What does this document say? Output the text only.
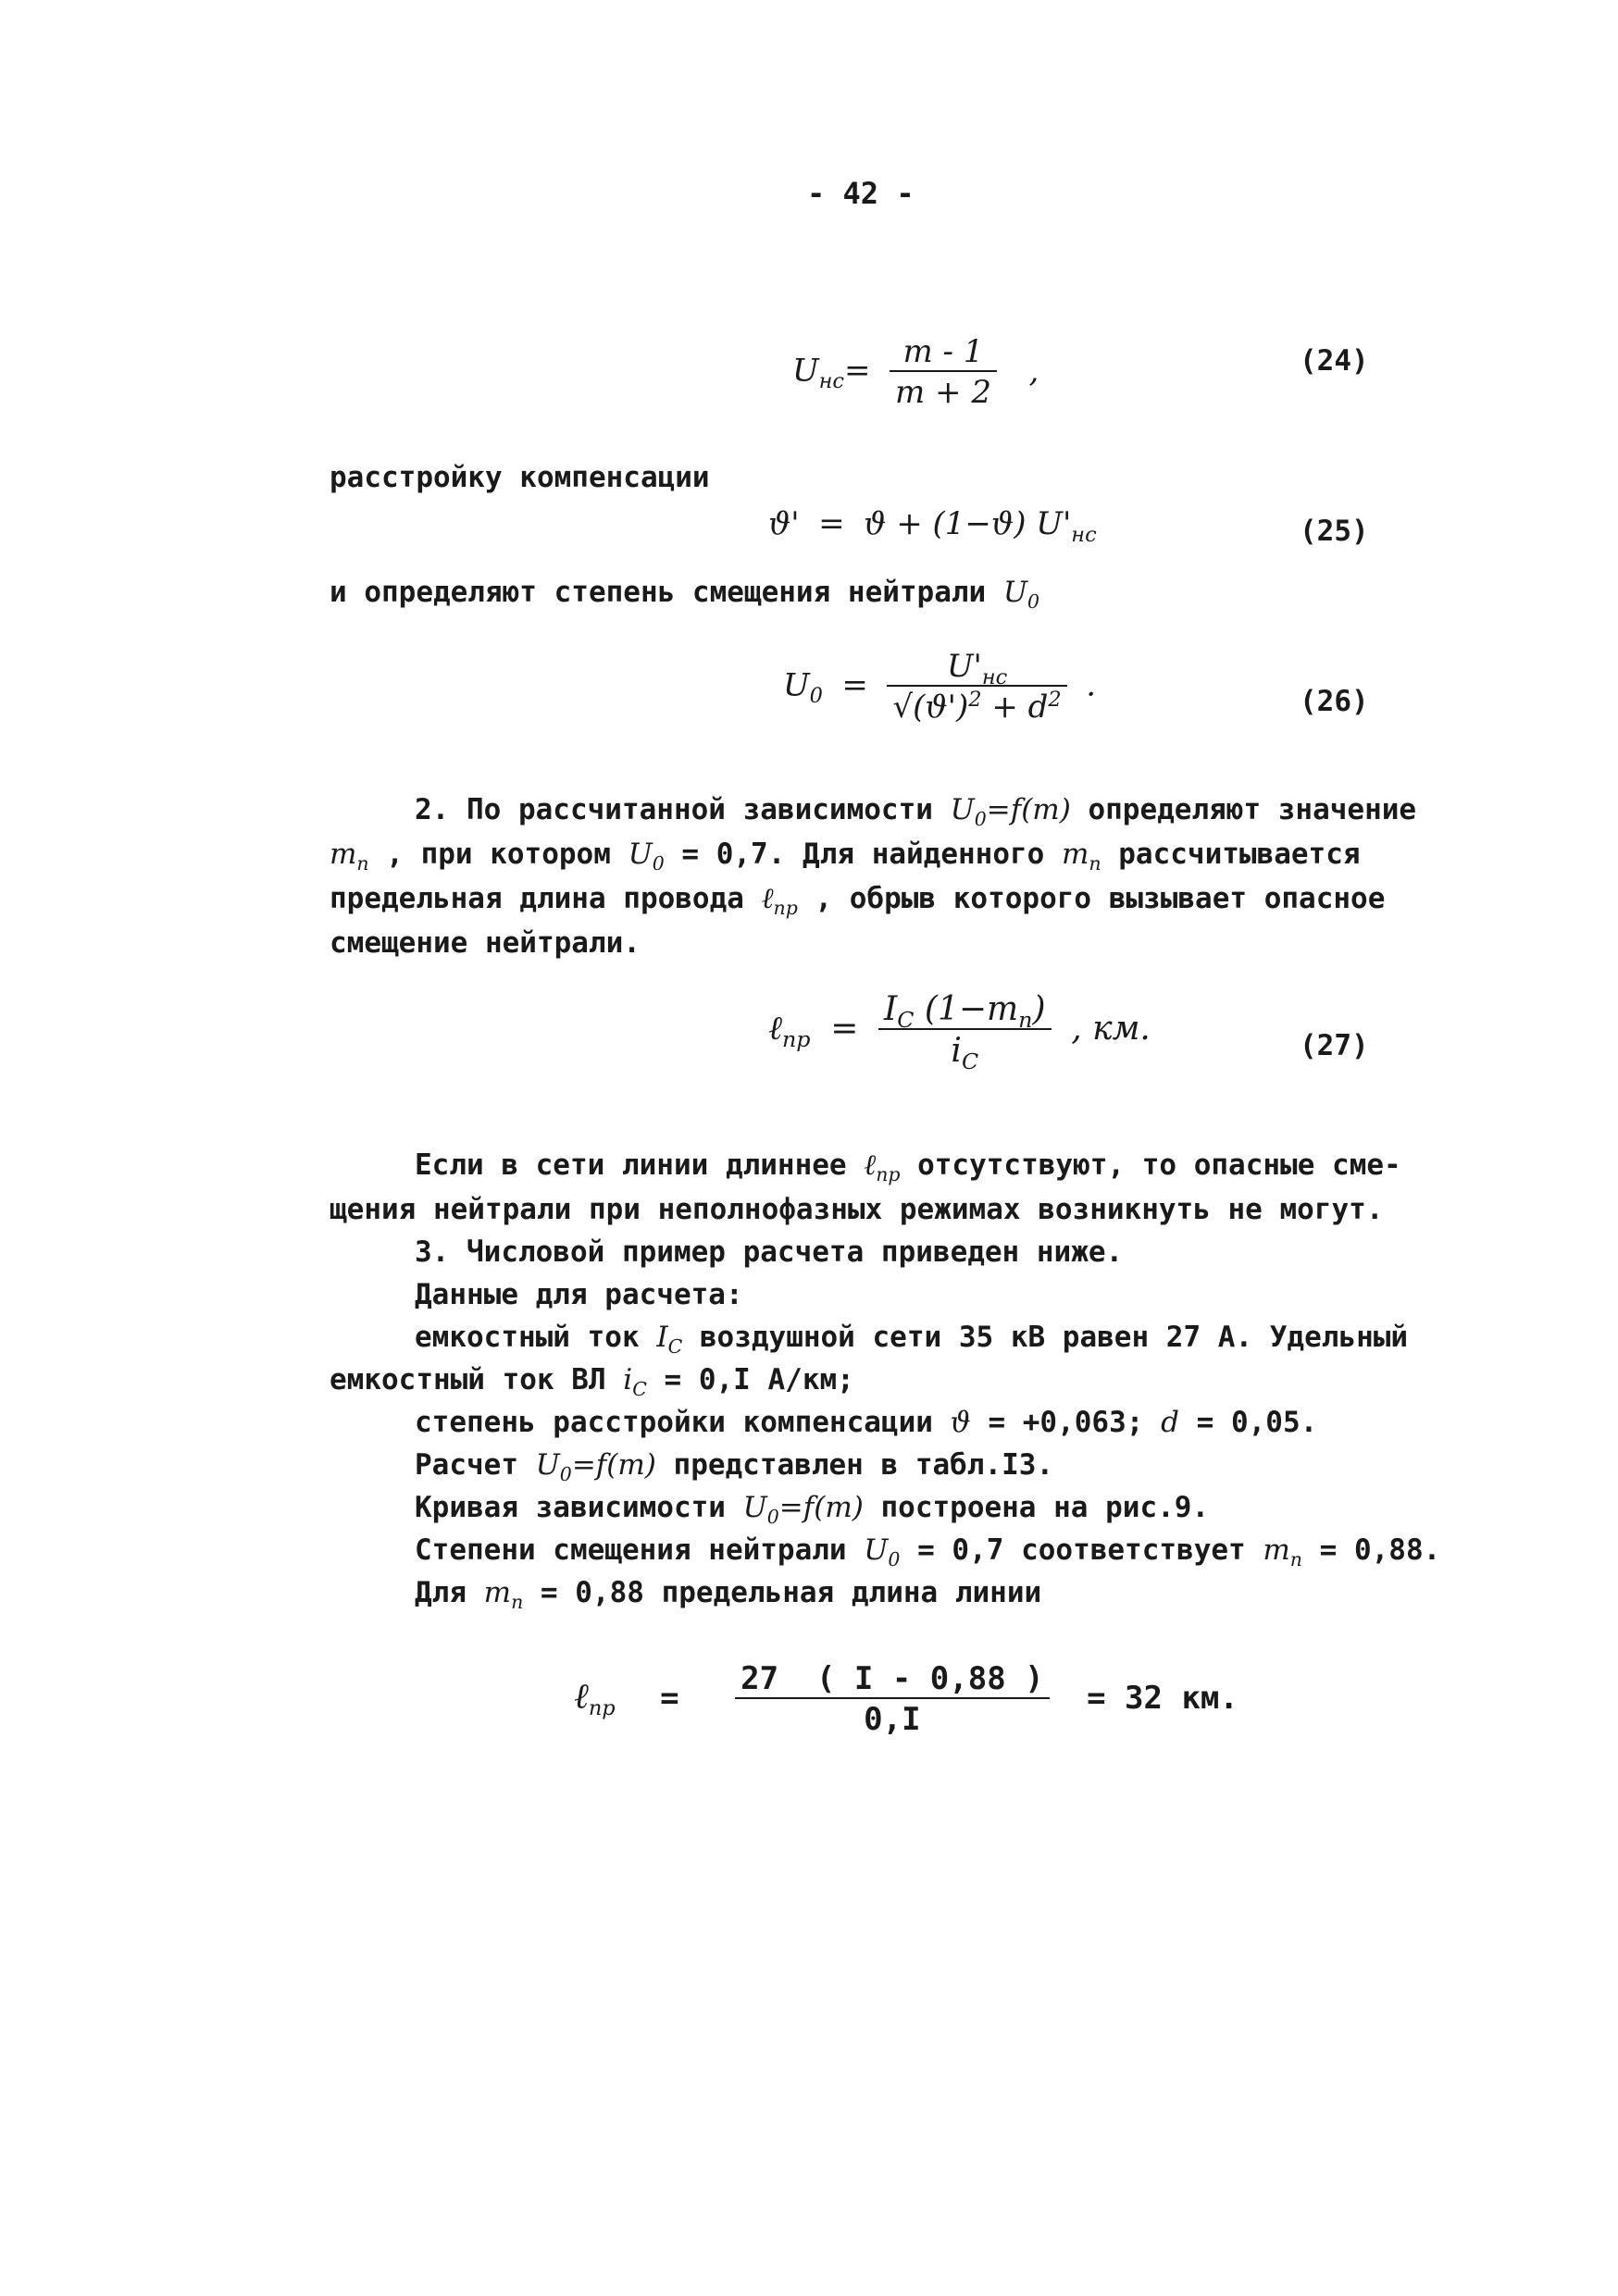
- 42 -
$U_{нс}= \frac{m - 1}{m + 2}$ ,	(24)
расстройку компенсации
ϑ' = ϑ + (1−ϑ) $U'_{нс}$	(25)
и определяют степень смещения нейтрали $U_0$
$U_0 = \frac{U'_{нс}}{√(ϑ')^2 + d^2}$ .	(26)
2. По рассчитанной зависимости $U_0=f(m)$ определяют значение
$m_п$ , при котором $U_0 = 0,7$. Для найденного $m_п$ рассчитывается
предельная длина провода ℓ$_{пр}$ , обрыв которого вызывает опасное
смещение нейтрали.
ℓ$_{пр}$ = $\frac{I_C (1-m_п)}{i_C}$ , км.	(27)
Если в сети линии длиннее ℓ$_{пр}$ отсутствуют, то опасные сме-
щения нейтрали при неполнофазных режимах возникнуть не могут.
3. Числовой пример расчета приведен ниже.
Данные для расчета:
емкостный ток $I_C$ воздушной сети 35 кВ равен 27 А. Удельный
емкостный ток ВЛ $i_C = 0,I$ А/км;
степень расстройки компенсации ϑ = +0,063; d = 0,05.
Расчет $U_0=f(m)$ представлен в табл.I3.
Кривая зависимости $U_0=f(m)$ построена на рис.9.
Степени смещения нейтрали $U_0 = 0,7$ соответствует $m_п = 0,88$.
Для $m_п = 0,88$ предельная длина линии
ℓ$_{пр}$ = $\frac{27 ( I - 0,88 )}{0,I} = 32$ км.
